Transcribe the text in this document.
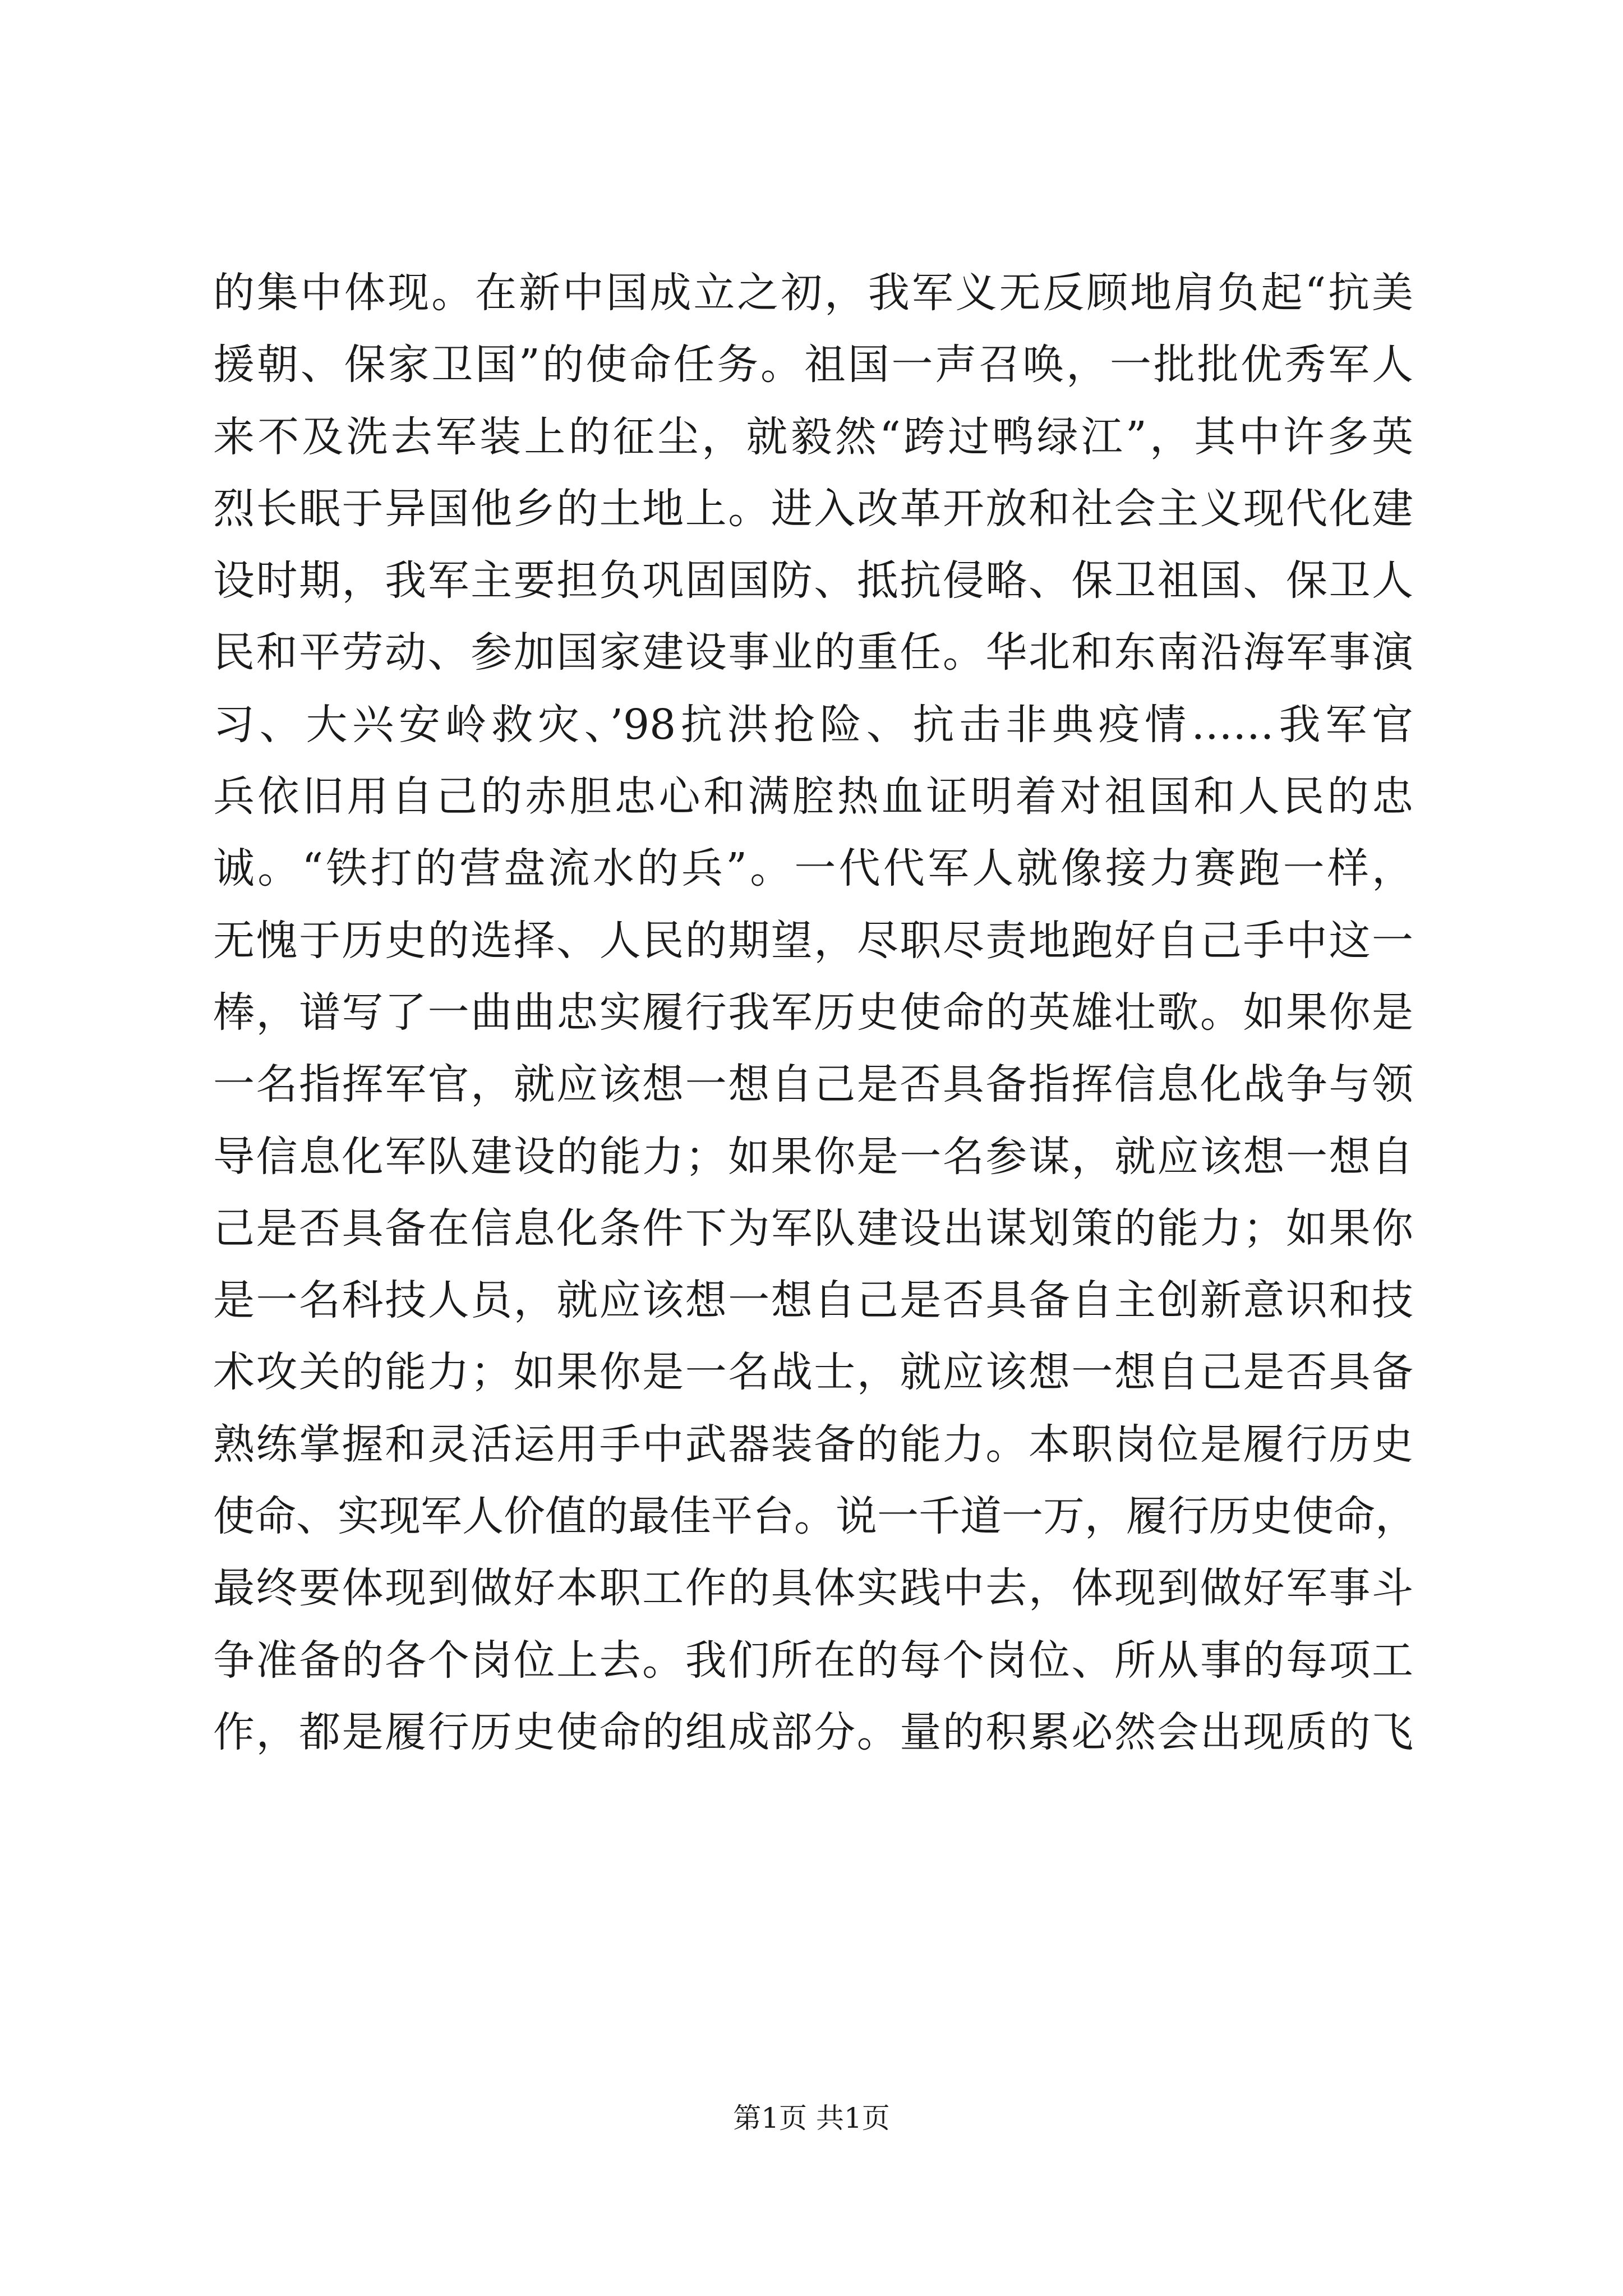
的集中体现。在新中国成立之初，我军义无反顾地肩负起“抗美
援朝、保家卫国”的使命任务。祖国一声召唤，一批批优秀军人
来不及洗去军装上的征尘，就毅然“跨过鸭绿江”，其中许多英
烈长眠于异国他乡的土地上。进入改革开放和社会主义现代化建
设时期，我军主要担负巩固国防、抵抗侵略、保卫祖国、保卫人
民和平劳动、参加国家建设事业的重任。华北和东南沿海军事演
习、大兴安岭救灾、’98抗洪抢险、抗击非典疫情……我军官
兵依旧用自己的赤胆忠心和满腔热血证明着对祖国和人民的忠
诚。“铁打的营盘流水的兵”。一代代军人就像接力赛跑一样，
无愧于历史的选择、人民的期望，尽职尽责地跑好自己手中这一
棒，谱写了一曲曲忠实履行我军历史使命的英雄壮歌。如果你是
一名指挥军官，就应该想一想自己是否具备指挥信息化战争与领
导信息化军队建设的能力；如果你是一名参谋，就应该想一想自
己是否具备在信息化条件下为军队建设出谋划策的能力；如果你
是一名科技人员，就应该想一想自己是否具备自主创新意识和技
术攻关的能力；如果你是一名战士，就应该想一想自己是否具备
熟练掌握和灵活运用手中武器装备的能力。本职岗位是履行历史
使命、实现军人价值的最佳平台。说一千道一万，履行历史使命，
最终要体现到做好本职工作的具体实践中去，体现到做好军事斗
争准备的各个岗位上去。我们所在的每个岗位、所从事的每项工
作，都是履行历史使命的组成部分。量的积累必然会出现质的飞
第1页 共1页
